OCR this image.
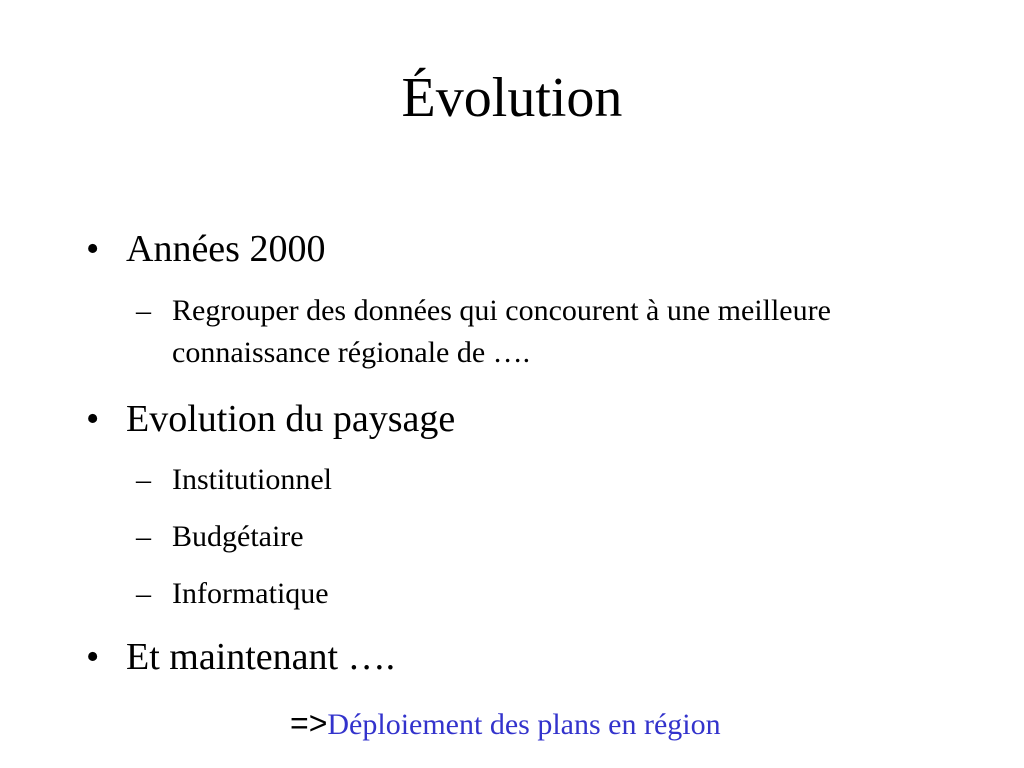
Évolution
• Années 2000
– Regrouper des données qui concourent à une meilleure connaissance régionale de ….
• Evolution du paysage
– Institutionnel
– Budgétaire
– Informatique
• Et maintenant ….
=>Déploiement des plans en région
